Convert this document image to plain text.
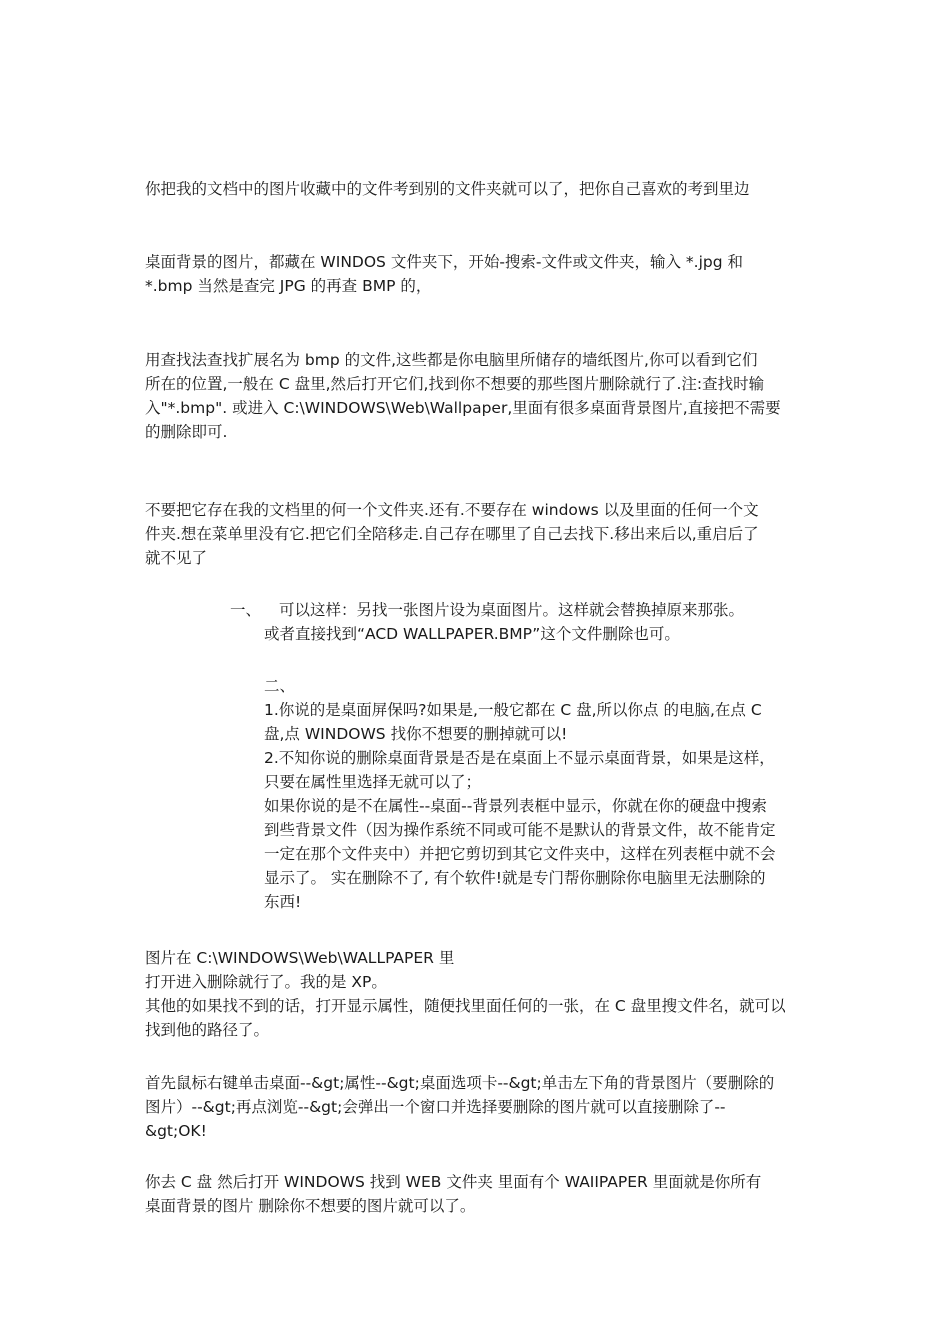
你把我的文档中的图片收藏中的文件考到别的文件夹就可以了，把你自己喜欢的考到里边
桌面背景的图片，都藏在 WINDOS 文件夹下，开始-搜索-文件或文件夹，输入 *.jpg 和
*.bmp 当然是查完 JPG 的再查 BMP 的，
用查找法查找扩展名为 bmp 的文件,这些都是你电脑里所储存的墙纸图片,你可以看到它们
所在的位置,一般在 C 盘里,然后打开它们,找到你不想要的那些图片删除就行了.注:查找时输
入"*.bmp". 或进入 C:\WINDOWS\Web\Wallpaper,里面有很多桌面背景图片,直接把不需要
的删除即可.
不要把它存在我的文档里的何一个文件夹.还有.不要存在 windows 以及里面的任何一个文
件夹.想在菜单里没有它.把它们全陪移走.自己存在哪里了自己去找下.移出来后以,重启后了
就不见了
一、 可以这样：另找一张图片设为桌面图片。这样就会替换掉原来那张。
或者直接找到“ACD WALLPAPER.BMP”这个文件删除也可。
二、
1.你说的是桌面屏保吗?如果是,一般它都在 C 盘,所以你点 的电脑,在点 C
盘,点 WINDOWS 找你不想要的删掉就可以!
2.不知你说的删除桌面背景是否是在桌面上不显示桌面背景，如果是这样，
只要在属性里选择无就可以了；
如果你说的是不在属性--桌面--背景列表框中显示，你就在你的硬盘中搜索
到些背景文件（因为操作系统不同或可能不是默认的背景文件，故不能肯定
一定在那个文件夹中）并把它剪切到其它文件夹中，这样在列表框中就不会
显示了。 实在删除不了, 有个软件!就是专门帮你删除你电脑里无法删除的
东西!
图片在 C:\WINDOWS\Web\WALLPAPER 里
打开进入删除就行了。我的是 XP。
其他的如果找不到的话，打开显示属性，随便找里面任何的一张，在 C 盘里搜文件名，就可以
找到他的路径了。
首先鼠标右键单击桌面--&gt;属性--&gt;桌面选项卡--&gt;单击左下角的背景图片（要删除的
图片）--&gt;再点浏览--&gt;会弹出一个窗口并选择要删除的图片就可以直接删除了--
&gt;OK!
你去 C 盘 然后打开 WINDOWS 找到 WEB 文件夹 里面有个 WAIIPAPER 里面就是你所有
桌面背景的图片 删除你不想要的图片就可以了。
